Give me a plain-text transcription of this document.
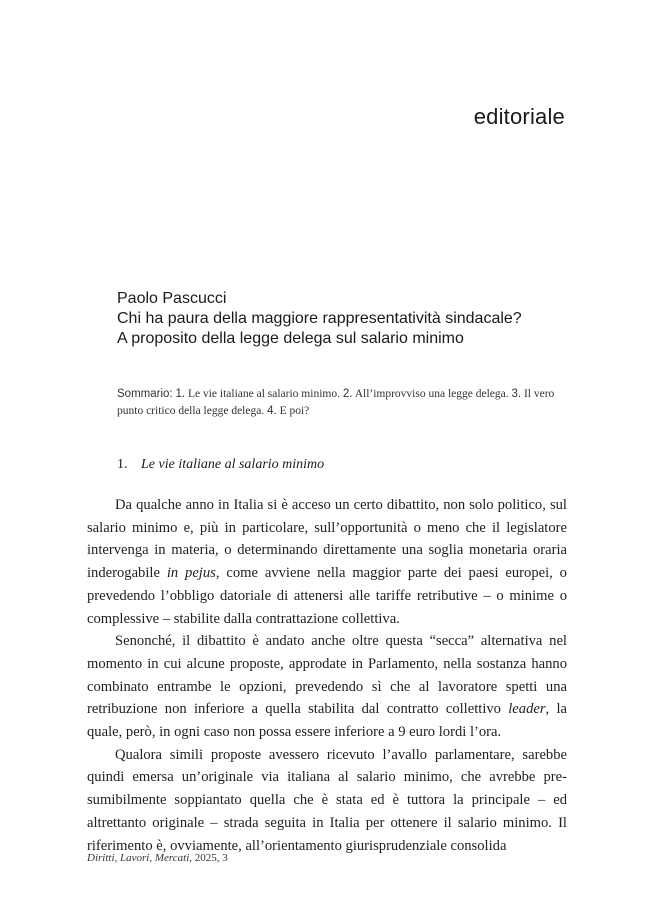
editoriale

Paolo Pascucci

Chi ha paura della maggiore rappresentatività sindacale?
A proposito della legge delega sul salario minimo
Sommario: 1. Le vie italiane al salario minimo. 2. All’improvviso una legge delega. 3. Il vero punto critico della legge delega. 4. E poi?
1. Le vie italiane al salario minimo

Da qualche anno in Italia si è acceso un certo dibattito, non solo politico, sul salario minimo e, più in particolare, sull’opportunità o meno che il legislatore intervenga in materia, o determinando direttamente una soglia monetaria oraria inderogabile in pejus, come avviene nella maggior parte dei paesi europei, o prevedendo l’obbligo datoriale di attenersi alle tariffe retributive – o minime o complessive – stabilite dalla contrattazione collettiva.

Senonché, il dibattito è andato anche oltre questa “secca” alternativa nel momento in cui alcune proposte, approdate in Parlamento, nella sostanza hanno combinato entrambe le opzioni, prevedendo sì che al lavoratore spetti una retribuzione non inferiore a quella stabilita dal contratto collettivo leader, la quale, però, in ogni caso non possa essere inferiore a 9 euro lordi l’ora.

Qualora simili proposte avessero ricevuto l’avallo parlamentare, sarebbe quindi emersa un’originale via italiana al salario minimo, che avrebbe presumibilmente soppiantato quella che è stata ed è tuttora la principale – ed altrettanto originale – strada seguita in Italia per ottenere il salario minimo. Il riferimento è, ovviamente, all’orientamento giurisprudenziale consolida

Diritti, Lavori, Mercati, 2025, 3
